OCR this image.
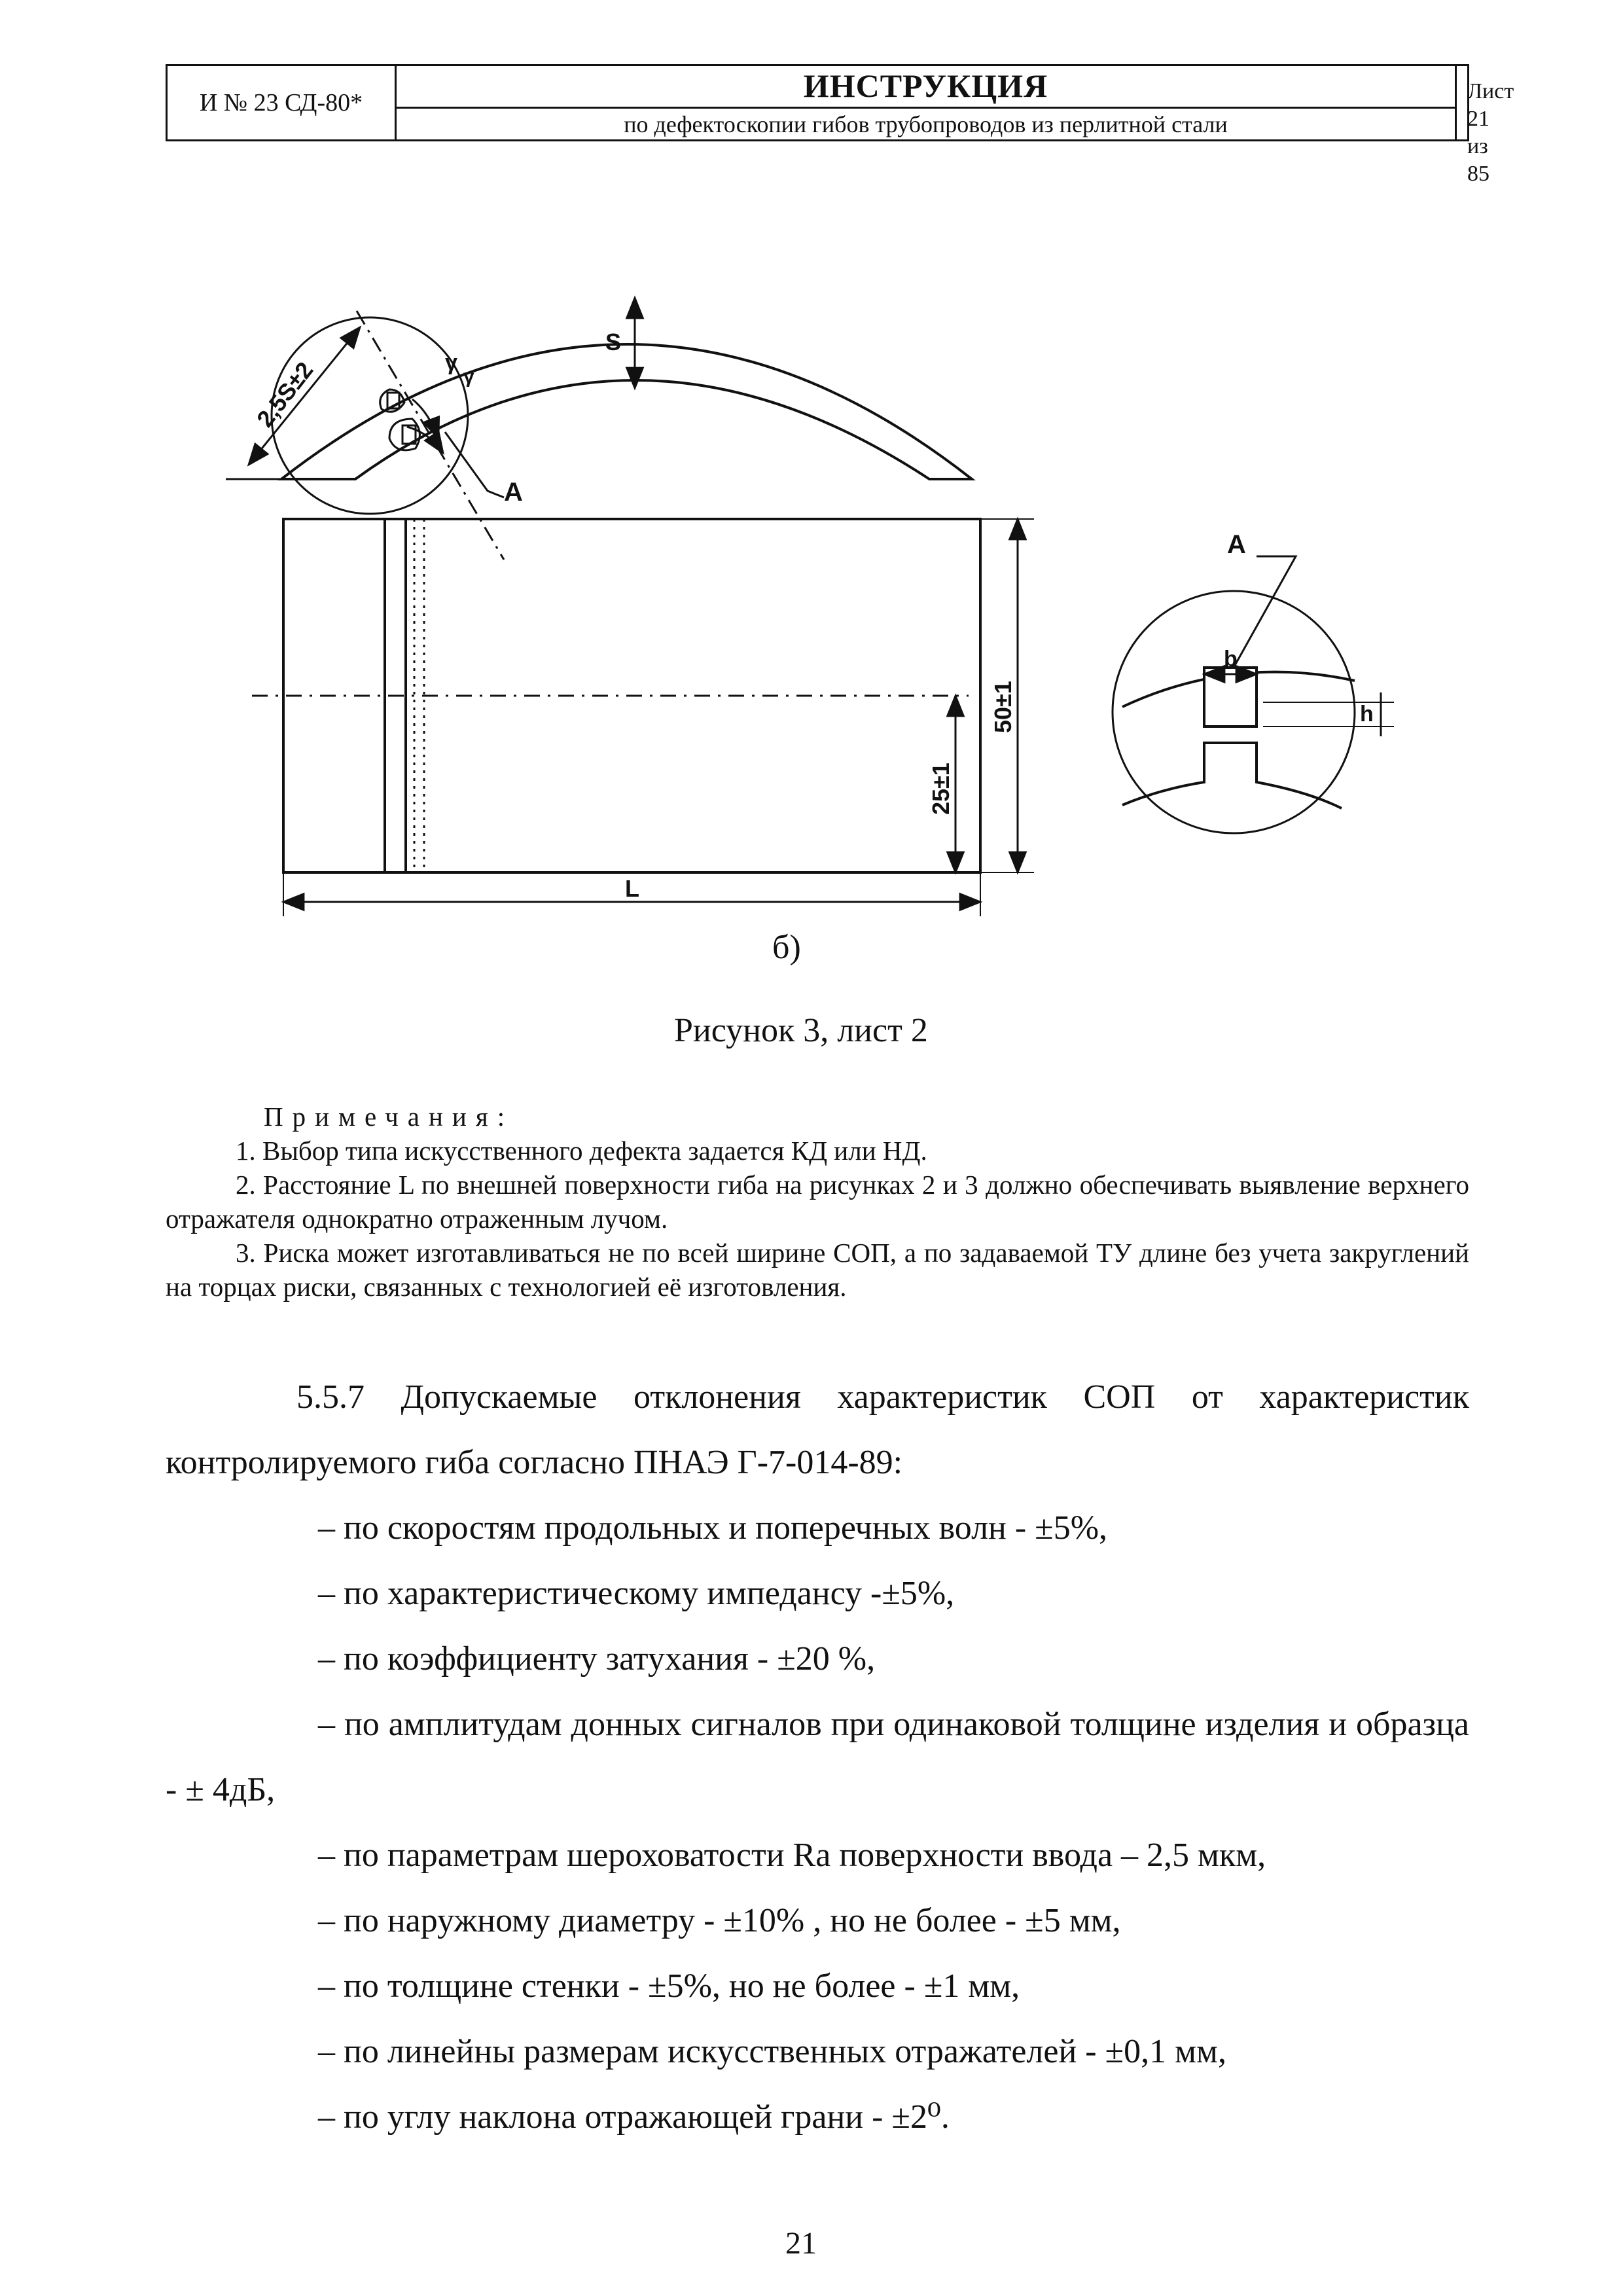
И № 23 СД-80*	ИНСТРУКЦИЯ
по дефектоскопии гибов трубопроводов из перлитной стали
Лист 21 из
85
2,5S±2
S
γ
γ
A
50±1
25±1
L
A
b
h
б)
Рисунок 3, лист 2

Примечания:

1. Выбор типа искусственного дефекта задается КД или НД.

2. Расстояние L по внешней поверхности гиба на рисунках 2 и 3 должно обеспечивать выявление верхнего отражателя однократно отраженным лучом.

3. Риска может изготавливаться не по всей ширине СОП, а по задаваемой ТУ длине без учета закруглений на торцах риски, связанных с технологией её изготовления.

5.5.7 Допускаемые отклонения характеристик СОП от характеристик контролируемого гиба согласно ПНАЭ Г-7-014-89:
– по скоростям продольных и поперечных волн - ±5%,
– по характеристическому импедансу -±5%,
– по коэффициенту затухания - ±20 %,
– по амплитудам донных сигналов при одинаковой толщине изделия и образца - ± 4дБ,
– по параметрам шероховатости Ra поверхности ввода – 2,5 мкм,
– по наружному диаметру - ±10% , но не более - ±5 мм,
– по толщине стенки - ±5%, но не более - ±1 мм,
– по линейны размерам искусственных отражателей - ±0,1 мм,
– по углу наклона отражающей грани - ±2⁰.
21
